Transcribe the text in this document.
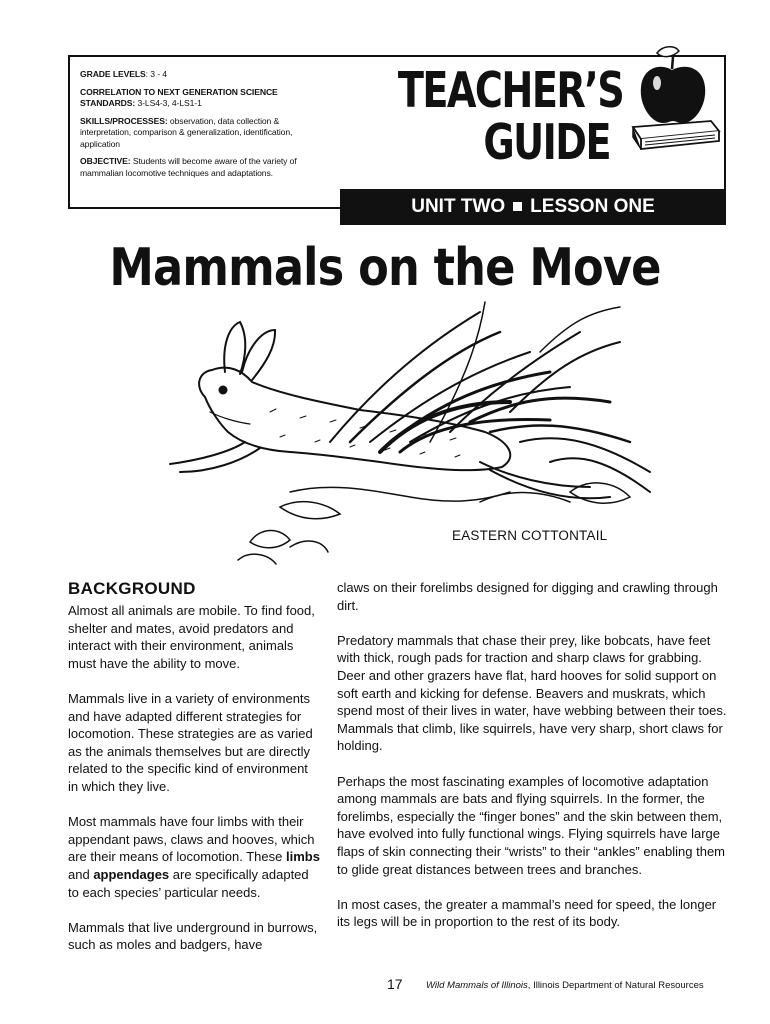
GRADE LEVELS: 3 - 4

CORRELATION TO NEXT GENERATION SCIENCE STANDARDS: 3-LS4-3, 4-LS1-1

SKILLS/PROCESSES: observation, data collection & interpretation, comparison & generalization, identification, application

OBJECTIVE: Students will become aware of the variety of mammalian locomotive techniques and adaptations.

TEACHER’S
GUIDE
UNIT TWO LESSON ONE
Mammals on the Move
EASTERN COTTONTAIL
BACKGROUND

Almost all animals are mobile. To find food, shelter and mates, avoid predators and interact with their environment, animals must have the ability to move.

Mammals live in a variety of environments and have adapted different strategies for locomotion. These strategies are as varied as the animals themselves but are directly related to the specific kind of environment in which they live.

Most mammals have four limbs with their appendant paws, claws and hooves, which are their means of locomotion. These limbs and appendages are specifically adapted to each species’ particular needs.

Mammals that live underground in burrows, such as moles and badgers, have

claws on their forelimbs designed for digging and crawling through dirt.

Predatory mammals that chase their prey, like bobcats, have feet with thick, rough pads for traction and sharp claws for grabbing. Deer and other grazers have flat, hard hooves for solid support on soft earth and kicking for defense. Beavers and muskrats, which spend most of their lives in water, have webbing between their toes. Mammals that climb, like squirrels, have very sharp, short claws for holding.

Perhaps the most fascinating examples of locomotive adaptation among mammals are bats and flying squirrels. In the former, the forelimbs, especially the “finger bones” and the skin between them, have evolved into fully functional wings. Flying squirrels have large flaps of skin connecting their “wrists” to their “ankles” enabling them to glide great distances between trees and branches.

In most cases, the greater a mammal’s need for speed, the longer its legs will be in proportion to the rest of its body.

17 Wild Mammals of Illinois, Illinois Department of Natural Resources
